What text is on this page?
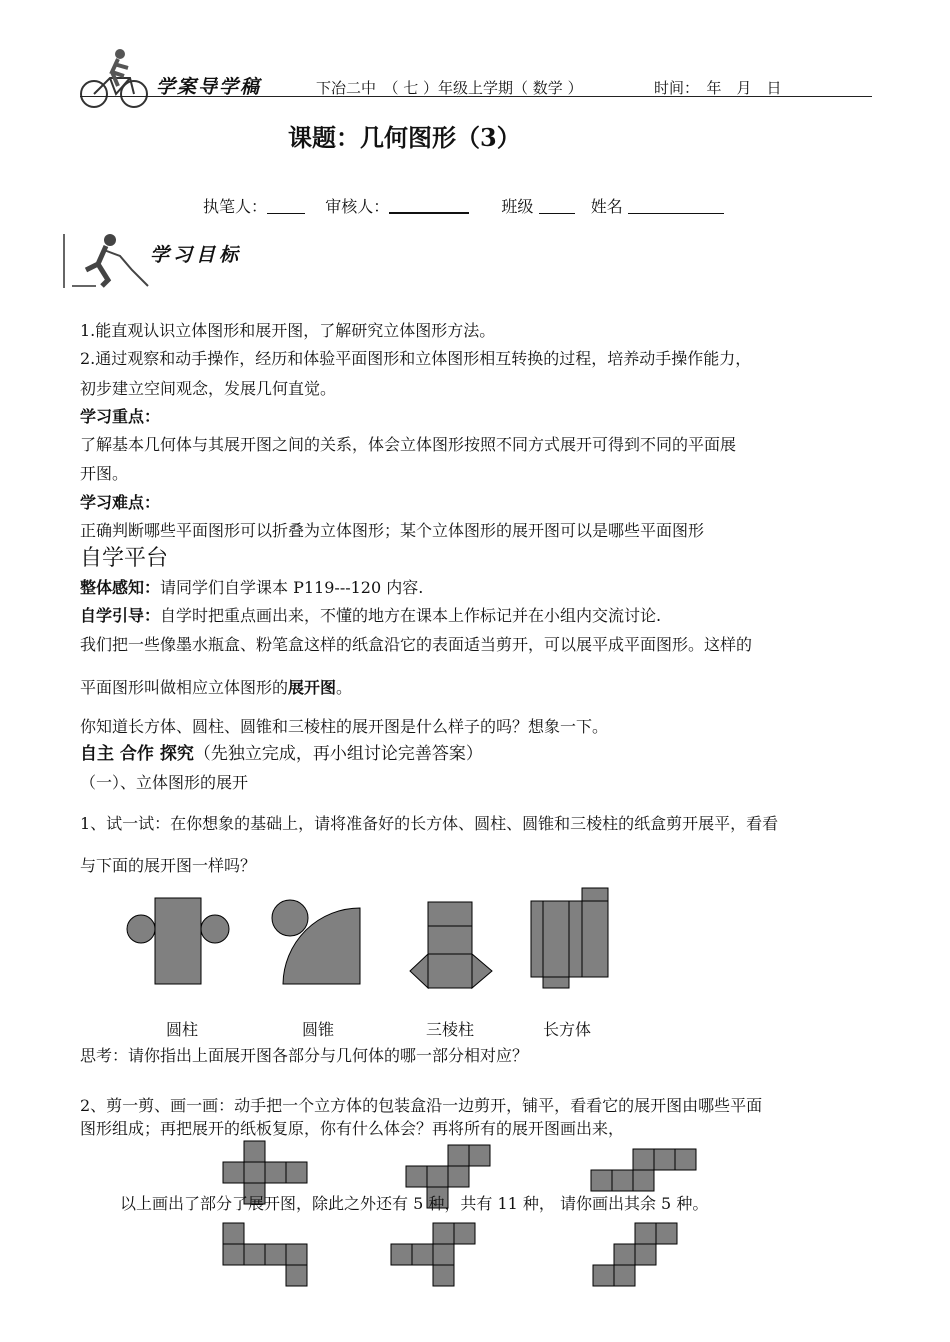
学案导学稿	下冶二中　（ 七 ）年级上学期（ 数学 ）	时间：　年　月　日
课题：几何图形（3）
执笔人：	审核人：	班级	姓名
学习目标
1.能直观认识立体图形和展开图，了解研究立体图形方法。
2.通过观察和动手操作，经历和体验平面图形和立体图形相互转换的过程，培养动手操作能力，
初步建立空间观念，发展几何直觉。
学习重点：
了解基本几何体与其展开图之间的关系，体会立体图形按照不同方式展开可得到不同的平面展
开图。
学习难点：
正确判断哪些平面图形可以折叠为立体图形；某个立体图形的展开图可以是哪些平面图形
自学平台
整体感知：请同学们自学课本 P119---120 内容.
自学引导：自学时把重点画出来，不懂的地方在课本上作标记并在小组内交流讨论.
我们把一些像墨水瓶盒、粉笔盒这样的纸盒沿它的表面适当剪开，可以展平成平面图形。这样的
平面图形叫做相应立体图形的展开图。
你知道长方体、圆柱、圆锥和三棱柱的展开图是什么样子的吗？想象一下。
自主 合作 探究（先独立完成，再小组讨论完善答案）
（一）、立体图形的展开
1、试一试：在你想象的基础上，请将准备好的长方体、圆柱、圆锥和三棱柱的纸盒剪开展平，看看
与下面的展开图一样吗？
圆柱	圆锥	三棱柱	长方体
思考：请你指出上面展开图各部分与几何体的哪一部分相对应？
2、剪一剪、画一画：动手把一个立方体的包装盒沿一边剪开，铺平，看看它的展开图由哪些平面
图形组成；再把展开的纸板复原，你有什么体会？再将所有的展开图画出来，
以上画出了部分了展开图，除此之外还有 5 种，共有 11 种， 请你画出其余 5 种。
